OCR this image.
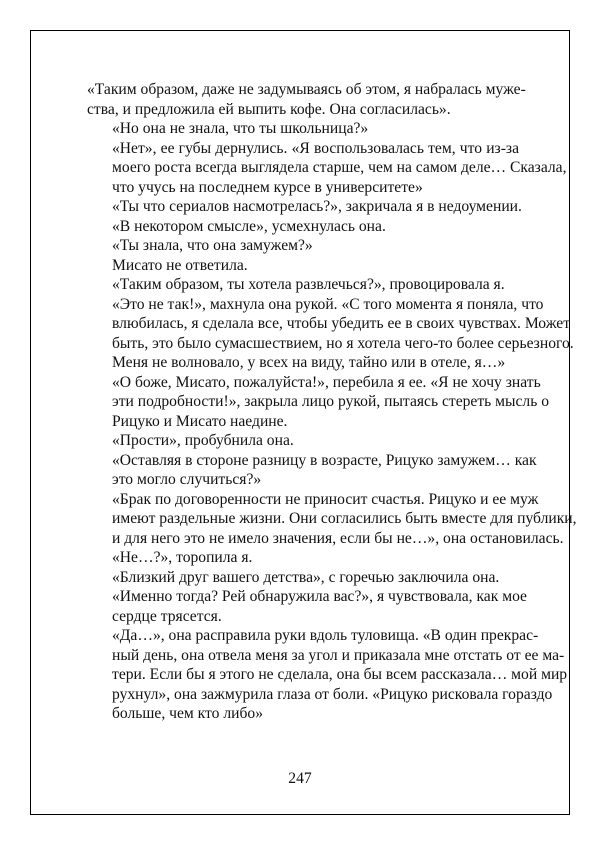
«Таким образом, даже не задумываясь об этом, я набралась муже-
ства, и предложила ей выпить кофе. Она согласилась».
«Но она не знала, что ты школьница?»
«Нет», ее губы дернулись. «Я воспользовалась тем, что из-за
моего роста всегда выглядела старше, чем на самом деле… Сказала,
что учусь на последнем курсе в университете»
«Ты что сериалов насмотрелась?», закричала я в недоумении.
«В некотором смысле», усмехнулась она.
«Ты знала, что она замужем?»
Мисато не ответила.
«Таким образом, ты хотела развлечься?», провоцировала я.
«Это не так!», махнула она рукой. «С того момента я поняла, что
влюбилась, я сделала все, чтобы убедить ее в своих чувствах. Может
быть, это было сумасшествием, но я хотела чего-то более серьезного.
Меня не волновало, у всех на виду, тайно или в отеле, я…»
«О боже, Мисато, пожалуйста!», перебила я ее. «Я не хочу знать
эти подробности!», закрыла лицо рукой, пытаясь стереть мысль о
Рицуко и Мисато наедине.
«Прости», пробубнила она.
«Оставляя в стороне разницу в возрасте, Рицуко замужем… как
это могло случиться?»
«Брак по договоренности не приносит счастья. Рицуко и ее муж
имеют раздельные жизни. Они согласились быть вместе для публики,
и для него это не имело значения, если бы не…», она остановилась.
«Не…?», торопила я.
«Близкий друг вашего детства», с горечью заключила она.
«Именно тогда? Рей обнаружила вас?», я чувствовала, как мое
сердце трясется.
«Да…», она расправила руки вдоль туловища. «В один прекрас-
ный день, она отвела меня за угол и приказала мне отстать от ее ма-
тери. Если бы я этого не сделала, она бы всем рассказала… мой мир
рухнул», она зажмурила глаза от боли. «Рицуко рисковала гораздо
больше, чем кто либо»
247
